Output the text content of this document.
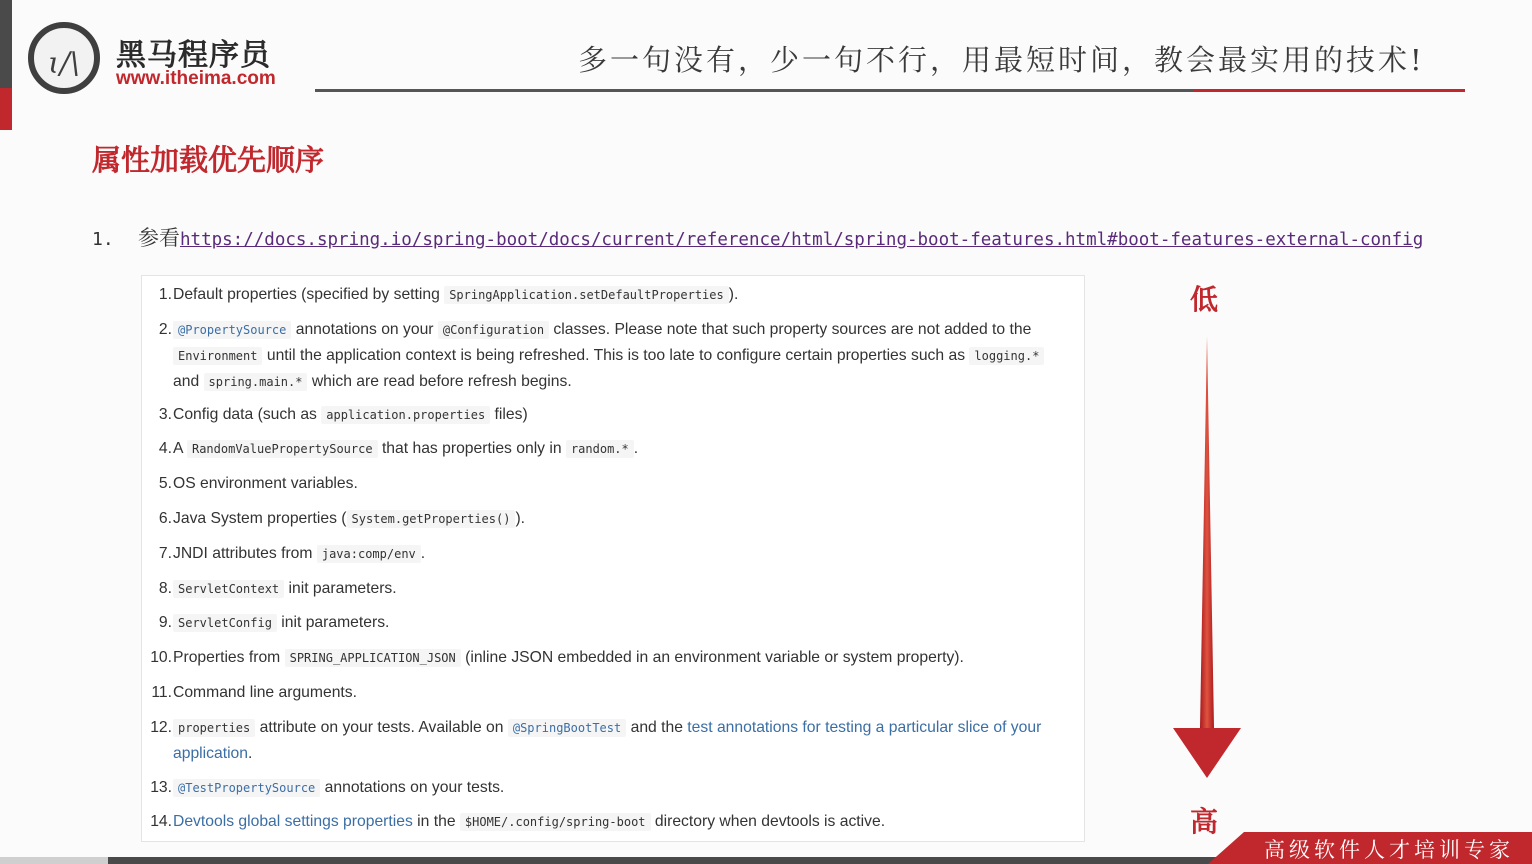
ɩ/\ 黑马程序员
www.itheima.com
多一句没有，少一句不行，用最短时间，教会最实用的技术!
属性加载优先顺序
1. 参看https://docs.spring.io/spring-boot/docs/current/reference/html/spring-boot-features.html#boot-features-external-config
1. Default properties (specified by setting SpringApplication.setDefaultProperties ).
2. @PropertySource annotations on your @Configuration classes. Please note that such property sources are not added to the Environment until the application context is being refreshed. This is too late to configure certain properties such as logging.* and spring.main.* which are read before refresh begins.
3. Config data (such as application.properties files)
4. A RandomValuePropertySource that has properties only in random.* .
5. OS environment variables.
6. Java System properties ( System.getProperties() ).
7. JNDI attributes from java:comp/env .
8. ServletContext init parameters.
9. ServletConfig init parameters.
10. Properties from SPRING_APPLICATION_JSON (inline JSON embedded in an environment variable or system property).
11. Command line arguments.
12. properties attribute on your tests. Available on @SpringBootTest and the test annotations for testing a particular slice of your application.
13. @TestPropertySource annotations on your tests.
14. Devtools global settings properties in the $HOME/.config/spring-boot directory when devtools is active.
低
高
高级软件人才培训专家
